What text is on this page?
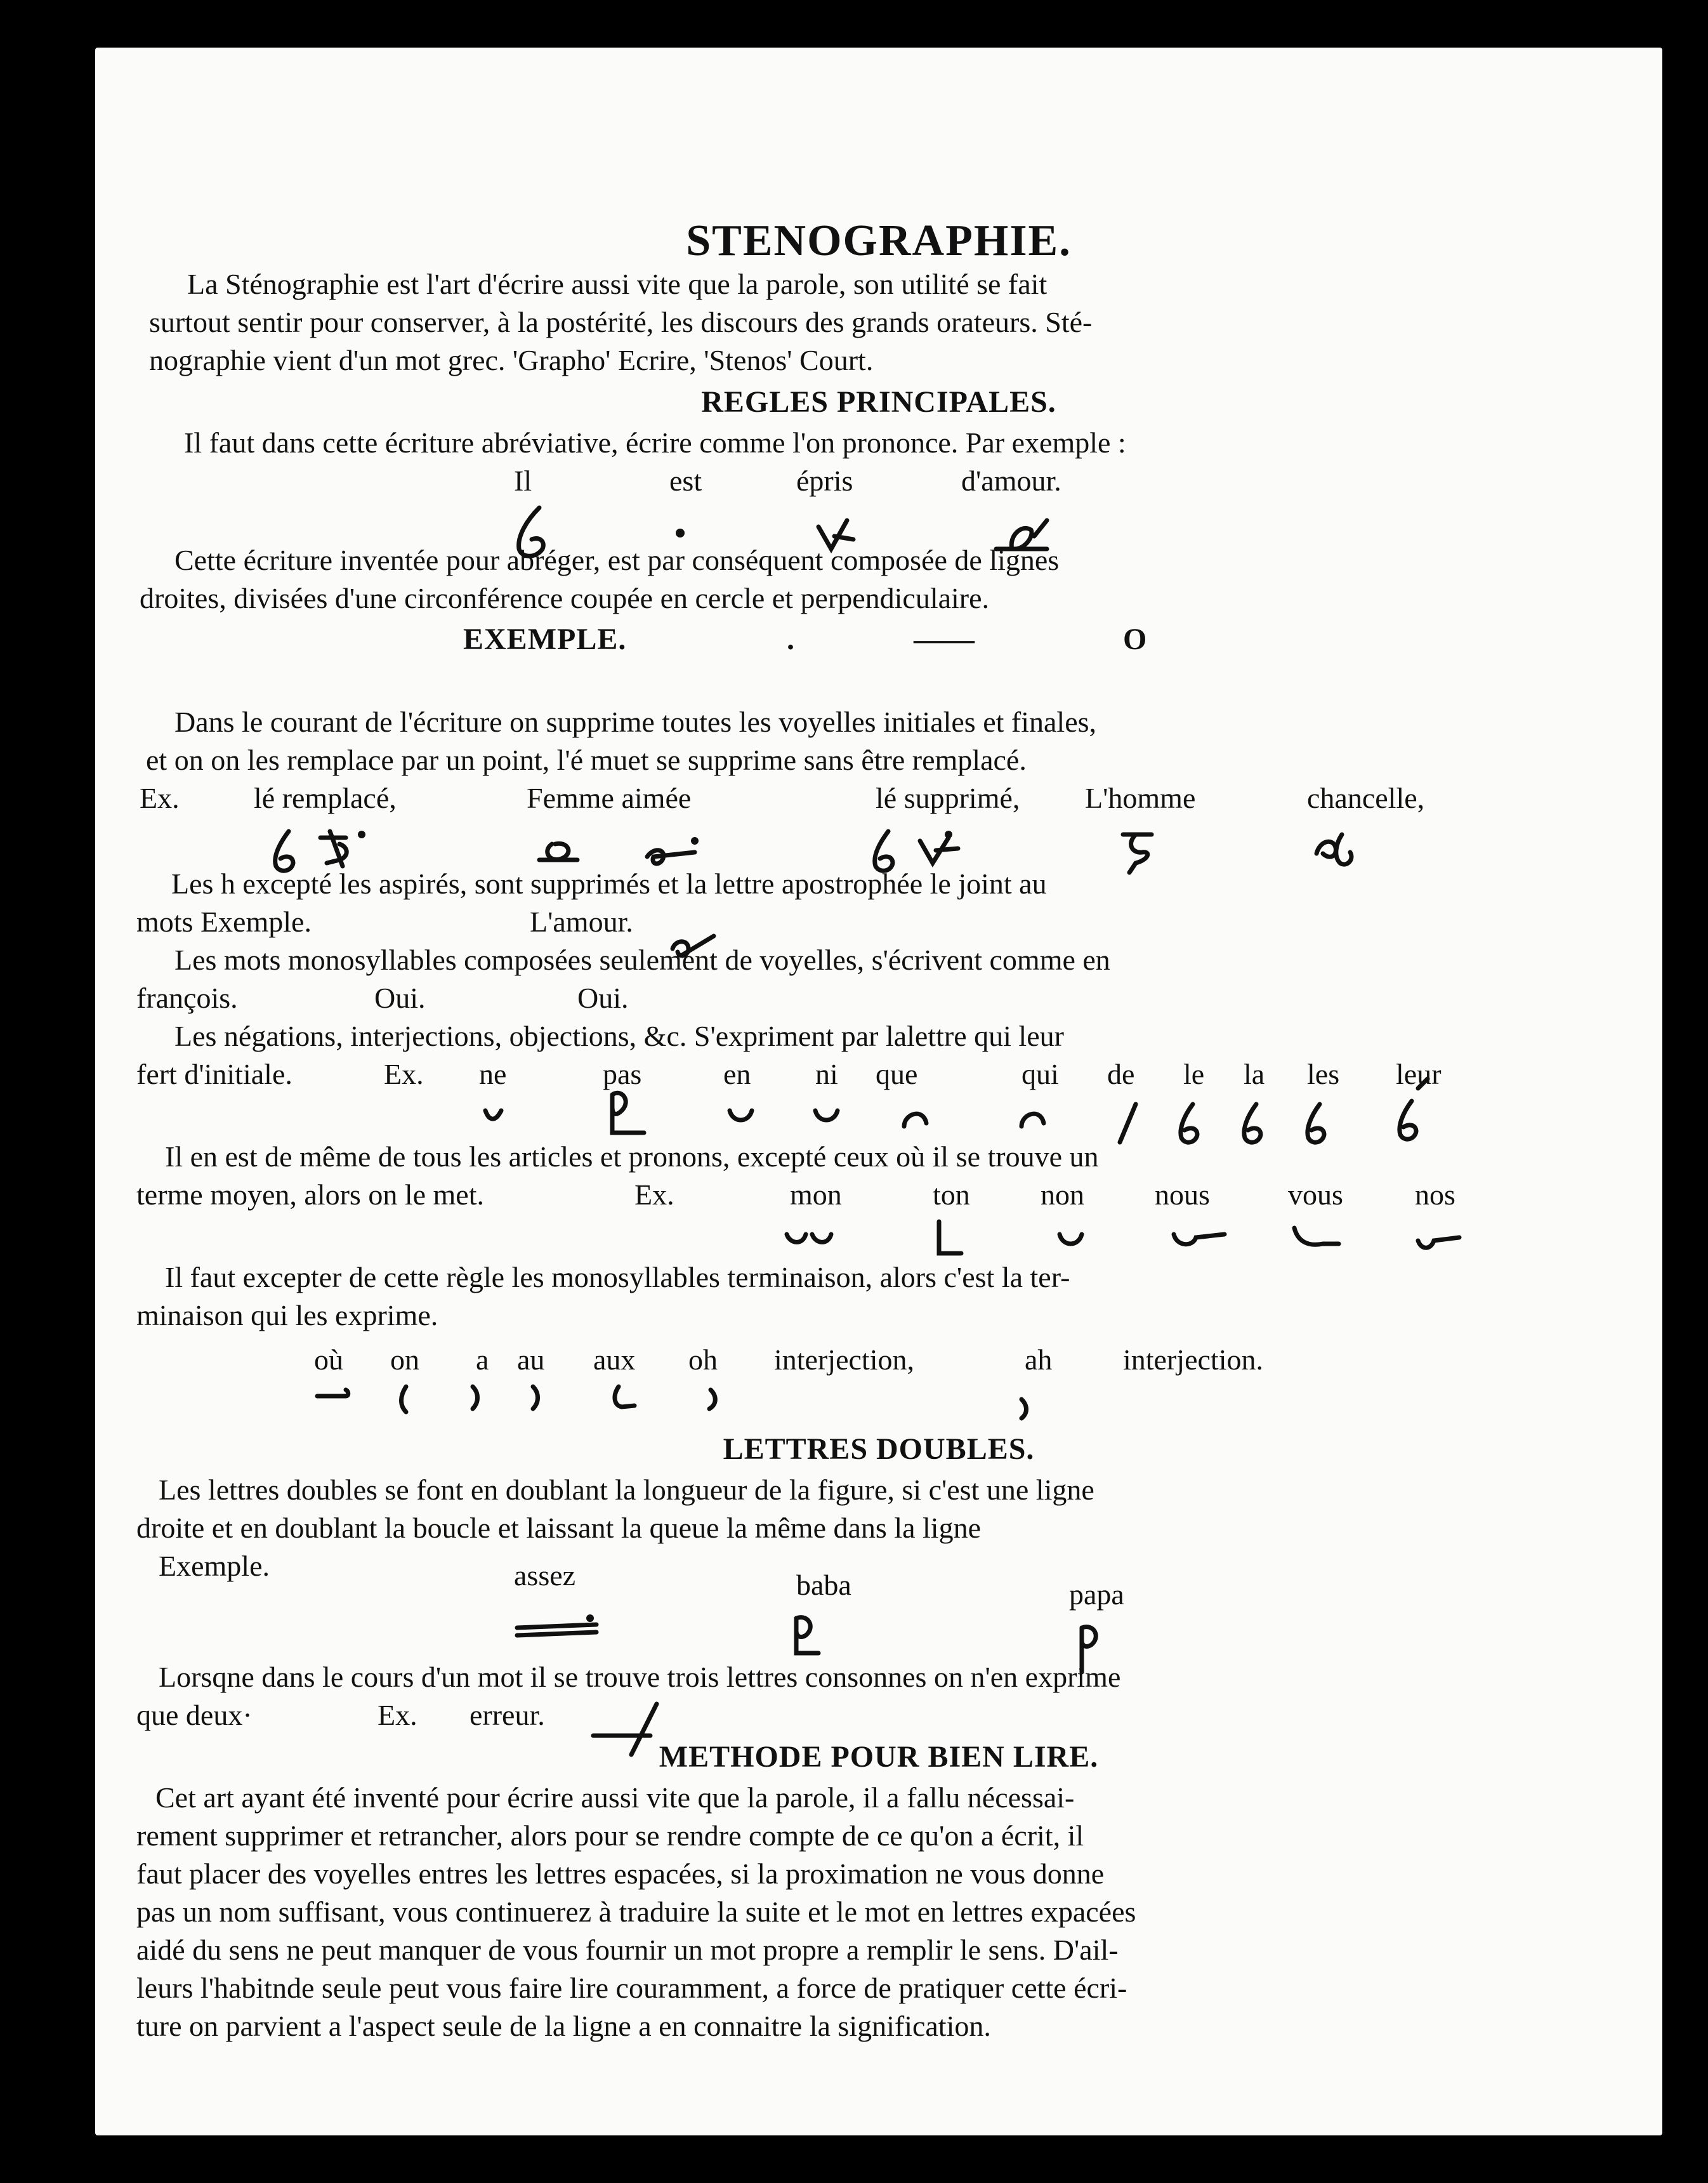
STENOGRAPHIE.
La Sténographie est l'art d'écrire aussi vite que la parole, son utilité se fait
surtout sentir pour conserver, à la postérité, les discours des grands orateurs. Sté-
nographie vient d'un mot grec. 'Grapho' Ecrire, 'Stenos' Court.
REGLES PRINCIPALES.
Il faut dans cette écriture abréviative, écrire comme l'on prononce. Par exemple :
Il	est	épris	d'amour.
Cette écriture inventée pour abréger, est par conséquent composée de lignes
droites, divisées d'une circonférence coupée en cercle et perpendiculaire.
EXEMPLE.	.	——	O
Dans le courant de l'écriture on supprime toutes les voyelles initiales et finales,
et on on les remplace par un point, l'é muet se supprime sans être remplacé.
Ex.	lé remplacé,	Femme aimée	lé supprimé, L'homme	chancelle,
Les h excepté les aspirés, sont supprimés et la lettre apostrophée le joint au
mots Exemple.	L'amour.
Les mots monosyllables composées seulement de voyelles, s'écrivent comme en
françois.	Oui.	Oui.
Les négations, interjections, objections, &c. S'expriment par lalettre qui leur
fert d'initiale.	Ex. ne	pas	en ni que	qui de le la les leur
Il en est de même de tous les articles et pronons, excepté ceux où il se trouve un
terme moyen, alors on le met.	Ex.	mon	ton non nous	vous nos
Il faut excepter de cette règle les monosyllables terminaison, alors c'est la ter-
minaison qui les exprime.
où on a au aux oh interjection,	ah interjection.
LETTRES DOUBLES.
Les lettres doubles se font en doublant la longueur de la figure, si c'est une ligne
droite et en doublant la boucle et laissant la queue la même dans la ligne
Exemple.	assez	baba	papa
Lorsqne dans le cours d'un mot il se trouve trois lettres consonnes on n'en exprime
que deux·	Ex. erreur.
METHODE POUR BIEN LIRE.
Cet art ayant été inventé pour écrire aussi vite que la parole, il a fallu nécessai-
rement supprimer et retrancher, alors pour se rendre compte de ce qu'on a écrit, il
faut placer des voyelles entres les lettres espacées, si la proximation ne vous donne
pas un nom suffisant, vous continuerez à traduire la suite et le mot en lettres expacées
aidé du sens ne peut manquer de vous fournir un mot propre a remplir le sens. D'ail-
leurs l'habitnde seule peut vous faire lire couramment, a force de pratiquer cette écri-
ture on parvient a l'aspect seule de la ligne a en connaitre la signification.
